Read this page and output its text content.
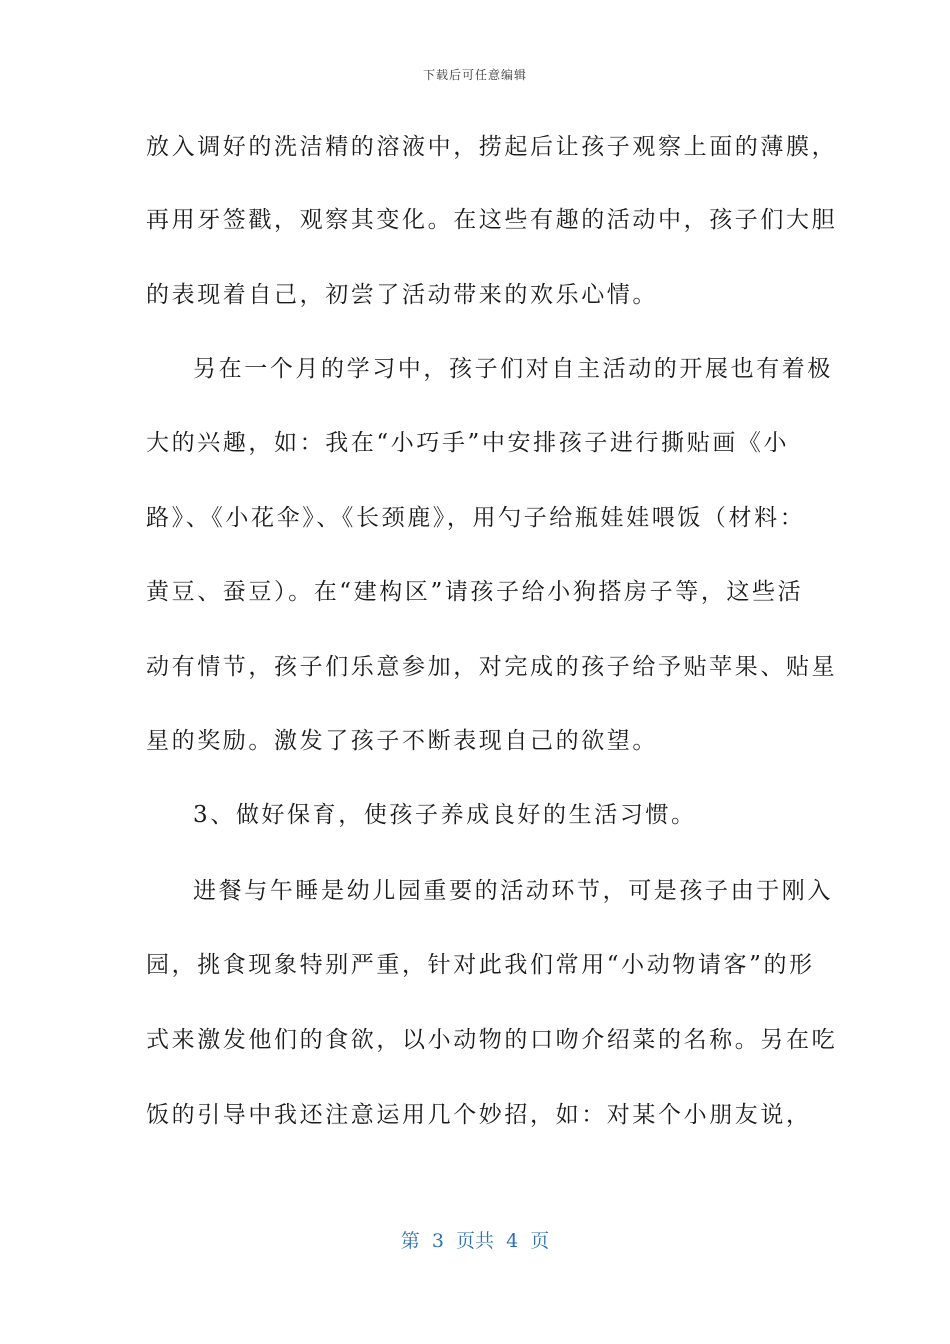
下载后可任意编辑
放入调好的洗洁精的溶液中，捞起后让孩子观察上面的薄膜，
再用牙签戳，观察其变化。在这些有趣的活动中，孩子们大胆
的表现着自己，初尝了活动带来的欢乐心情。
另在一个月的学习中，孩子们对自主活动的开展也有着极
大的兴趣，如：我在“小巧手”中安排孩子进行撕贴画《小
路》、《小花伞》、《长颈鹿》，用勺子给瓶娃娃喂饭（材料：
黄豆、蚕豆）。在“建构区”请孩子给小狗搭房子等，这些活
动有情节，孩子们乐意参加，对完成的孩子给予贴苹果、贴星
星的奖励。激发了孩子不断表现自己的欲望。
3、做好保育，使孩子养成良好的生活习惯。
进餐与午睡是幼儿园重要的活动环节，可是孩子由于刚入
园，挑食现象特别严重，针对此我们常用“小动物请客”的形
式来激发他们的食欲，以小动物的口吻介绍菜的名称。另在吃
饭的引导中我还注意运用几个妙招，如：对某个小朋友说，
第  3  页共  4  页
